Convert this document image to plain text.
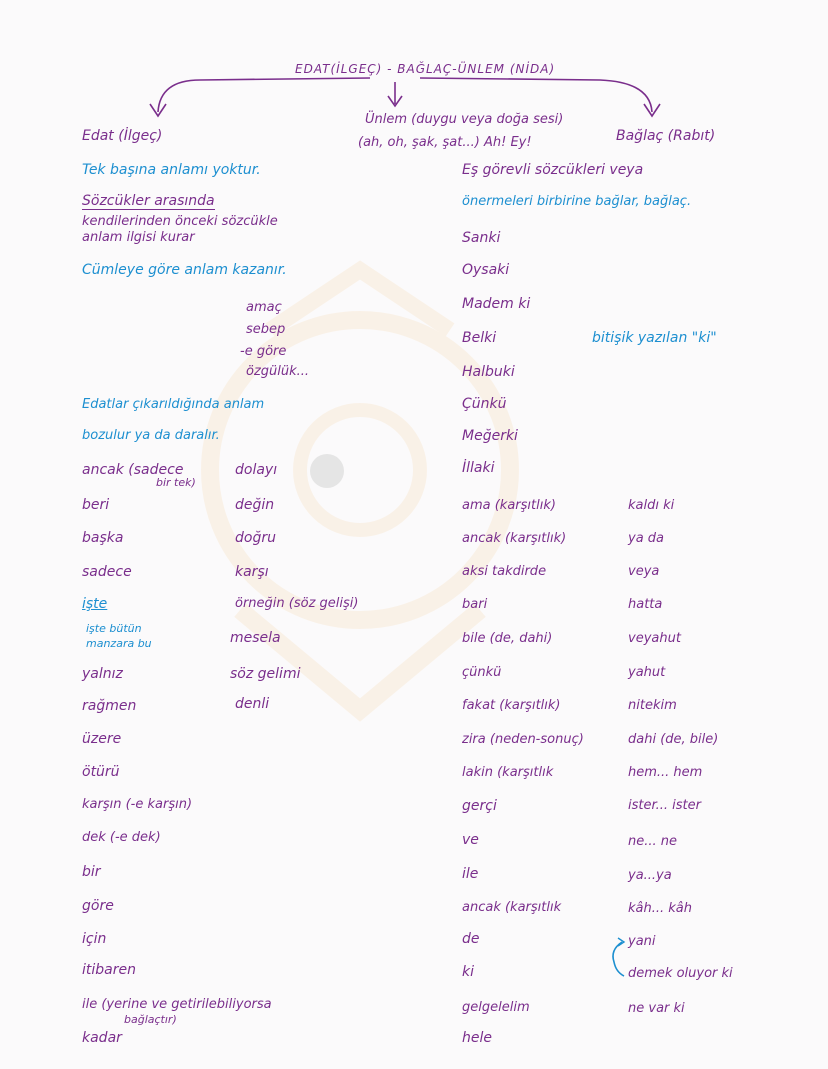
EDAT(İLGEÇ) - BAĞLAÇ-ÜNLEM (NİDA)
Edat (İlgeç)
Ünlem (duygu veya doğa sesi)
(ah, oh, şak, şat...) Ah! Ey!	Bağlaç (Rabıt)
Tek başına anlamı yoktur.
Sözcükler arasında
kendilerinden önceki sözcükle
anlam ilgisi kurar
Cümleye göre anlam kazanır.
amaç
sebep
-e göre
özgülük...
Edatlar çıkarıldığında anlam
bozulur ya da daralır.
Eş görevli sözcükleri veya
önermeleri birbirine bağlar, bağlaç.
Sanki
Oysaki
Madem ki
Belki
Halbuki
Çünkü
Meğerki
İllaki
bitişik yazılan "ki"
ancak (sadece
bir tek)
beri
başka
sadece
işte
işte bütün
manzara bu
yalnız
rağmen
üzere
ötürü
karşın (-e karşın)
dek (-e dek)
bir
göre
için
itibaren
ile (yerine ve getirilebiliyorsa
bağlaçtır)
kadar
dolayı
değin
doğru
karşı
örneğin (söz gelişi)
mesela
söz gelimi
denli
ama (karşıtlık)
ancak (karşıtlık)
aksi takdirde
bari
bile (de, dahi)
çünkü
fakat (karşıtlık)
zira (neden-sonuç)
lakin (karşıtlık
gerçi
ve
ile
ancak (karşıtlık
de
ki
gelgelelim
hele
kaldı ki
ya da
veya
hatta
veyahut
yahut
nitekim
dahi (de, bile)
hem... hem
ister... ister
ne... ne
ya...ya
kâh... kâh
yani
demek oluyor ki
ne var ki
